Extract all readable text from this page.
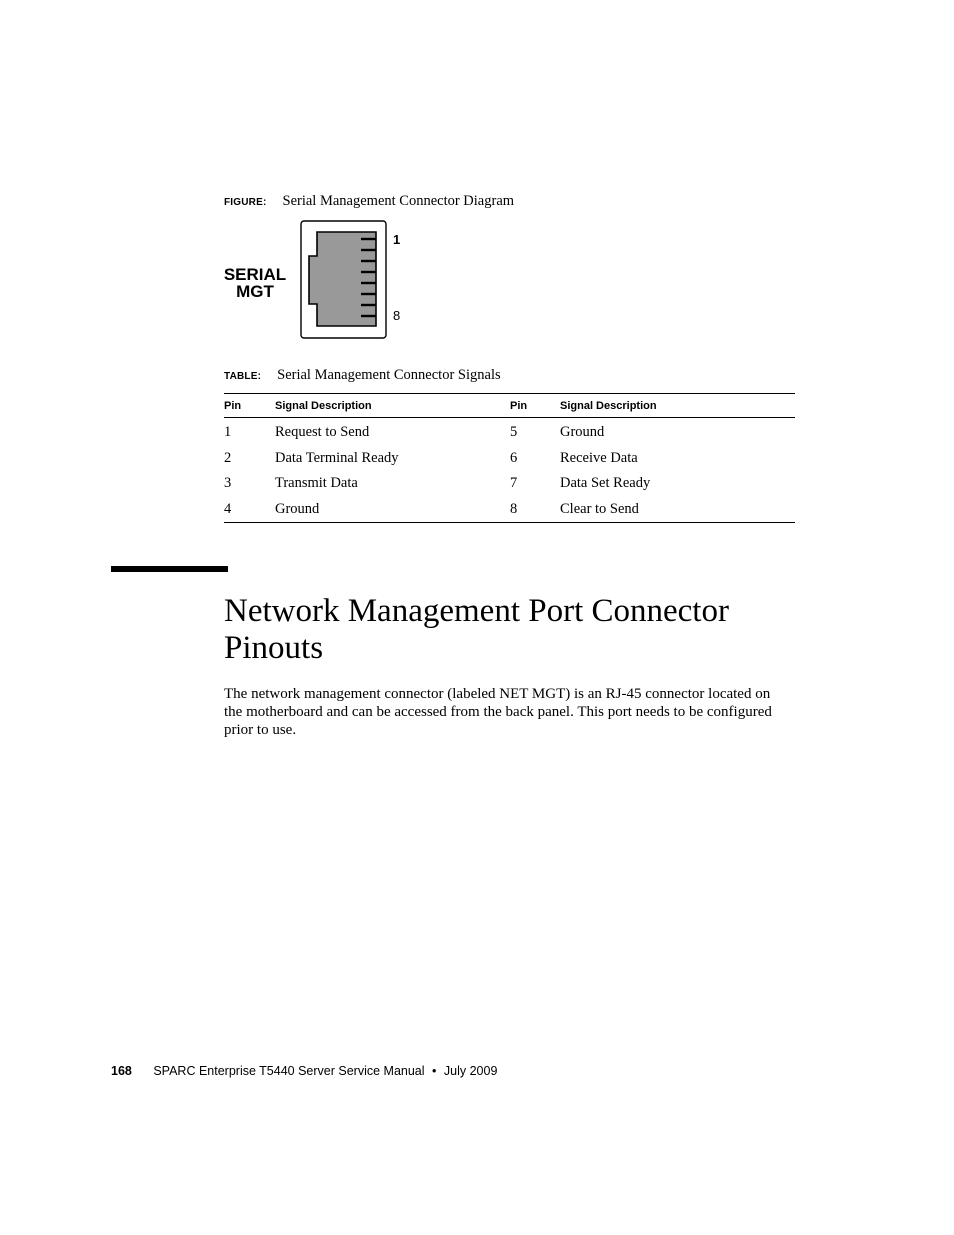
FIGURE: Serial Management Connector Diagram
SERIAL
MGT
1
8
TABLE: Serial Management Connector Signals
Pin	Signal Description	Pin	Signal Description
1	Request to Send	5	Ground
2	Data Terminal Ready	6	Receive Data
3	Transmit Data	7	Data Set Ready
4	Ground	8	Clear to Send
Network Management Port Connector Pinouts

The network management connector (labeled NET MGT) is an RJ-45 connector located on the motherboard and can be accessed from the back panel. This port needs to be configured prior to use.

168 SPARC Enterprise T5440 Server Service Manual • July 2009
